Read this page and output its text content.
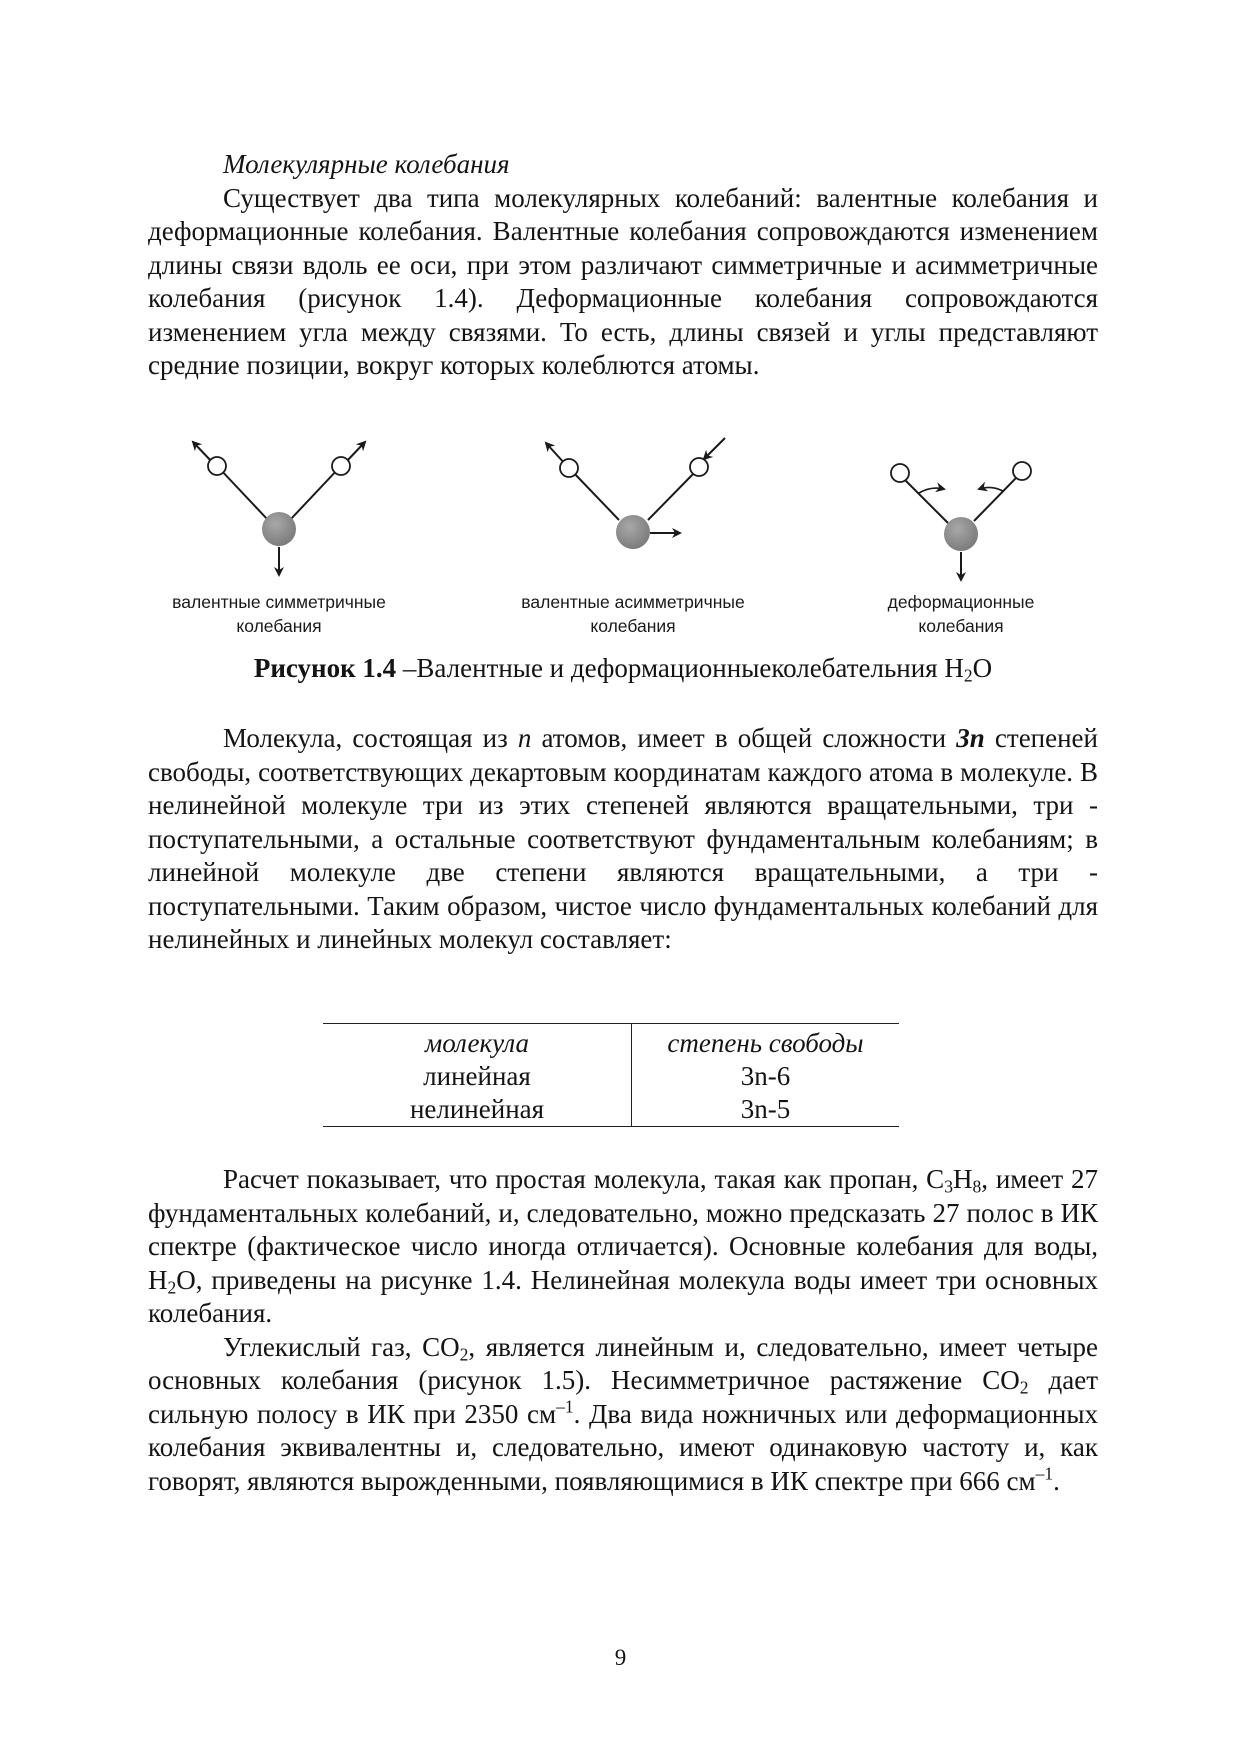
Молекулярные колебания

Существует два типа молекулярных колебаний: валентные колебания и деформационные колебания. Валентные колебания сопровождаются изменением длины связи вдоль ее оси, при этом различают симметричные и асимметричные колебания (рисунок 1.4). Деформационные колебания сопровождаются изменением угла между связями. То есть, длины связей и углы представляют средние позиции, вокруг которых колеблются атомы.

валентные симметричные
колебания
валентные асимметричные
колебания
деформационные
колебания
Рисунок 1.4 –Валентные и деформационныеколебательния $H_2O$

Молекула, состоящая из n атомов, имеет в общей сложности 3n степеней свободы, соответствующих декартовым координатам каждого атома в молекуле. В нелинейной молекуле три из этих степеней являются вращательными, три - поступательными, а остальные соответствуют фундаментальным колебаниям; в линейной молекуле две степени являются вращательными, а три - поступательными. Таким образом, чистое число фундаментальных колебаний для нелинейных и линейных молекул составляет:

молекула	степень свободы
линейная	3n-6
нелинейная	3n-5

Расчет показывает, что простая молекула, такая как пропан, $C_3H_8$, имеет 27 фундаментальных колебаний, и, следовательно, можно предсказать 27 полос в ИК спектре (фактическое число иногда отличается). Основные колебания для воды, $H_2O$, приведены на рисунке 1.4. Нелинейная молекула воды имеет три основных колебания.

Углекислый газ, $CO_2$, является линейным и, следовательно, имеет четыре основных колебания (рисунок 1.5). Несимметричное растяжение $CO_2$ дает сильную полосу в ИК при 2350 $см^{-1}$. Два вида ножничных или деформационных колебания эквивалентны и, следовательно, имеют одинаковую частоту и, как говорят, являются вырожденными, появляющимися в ИК спектре при 666 $см^{-1}$.

9
